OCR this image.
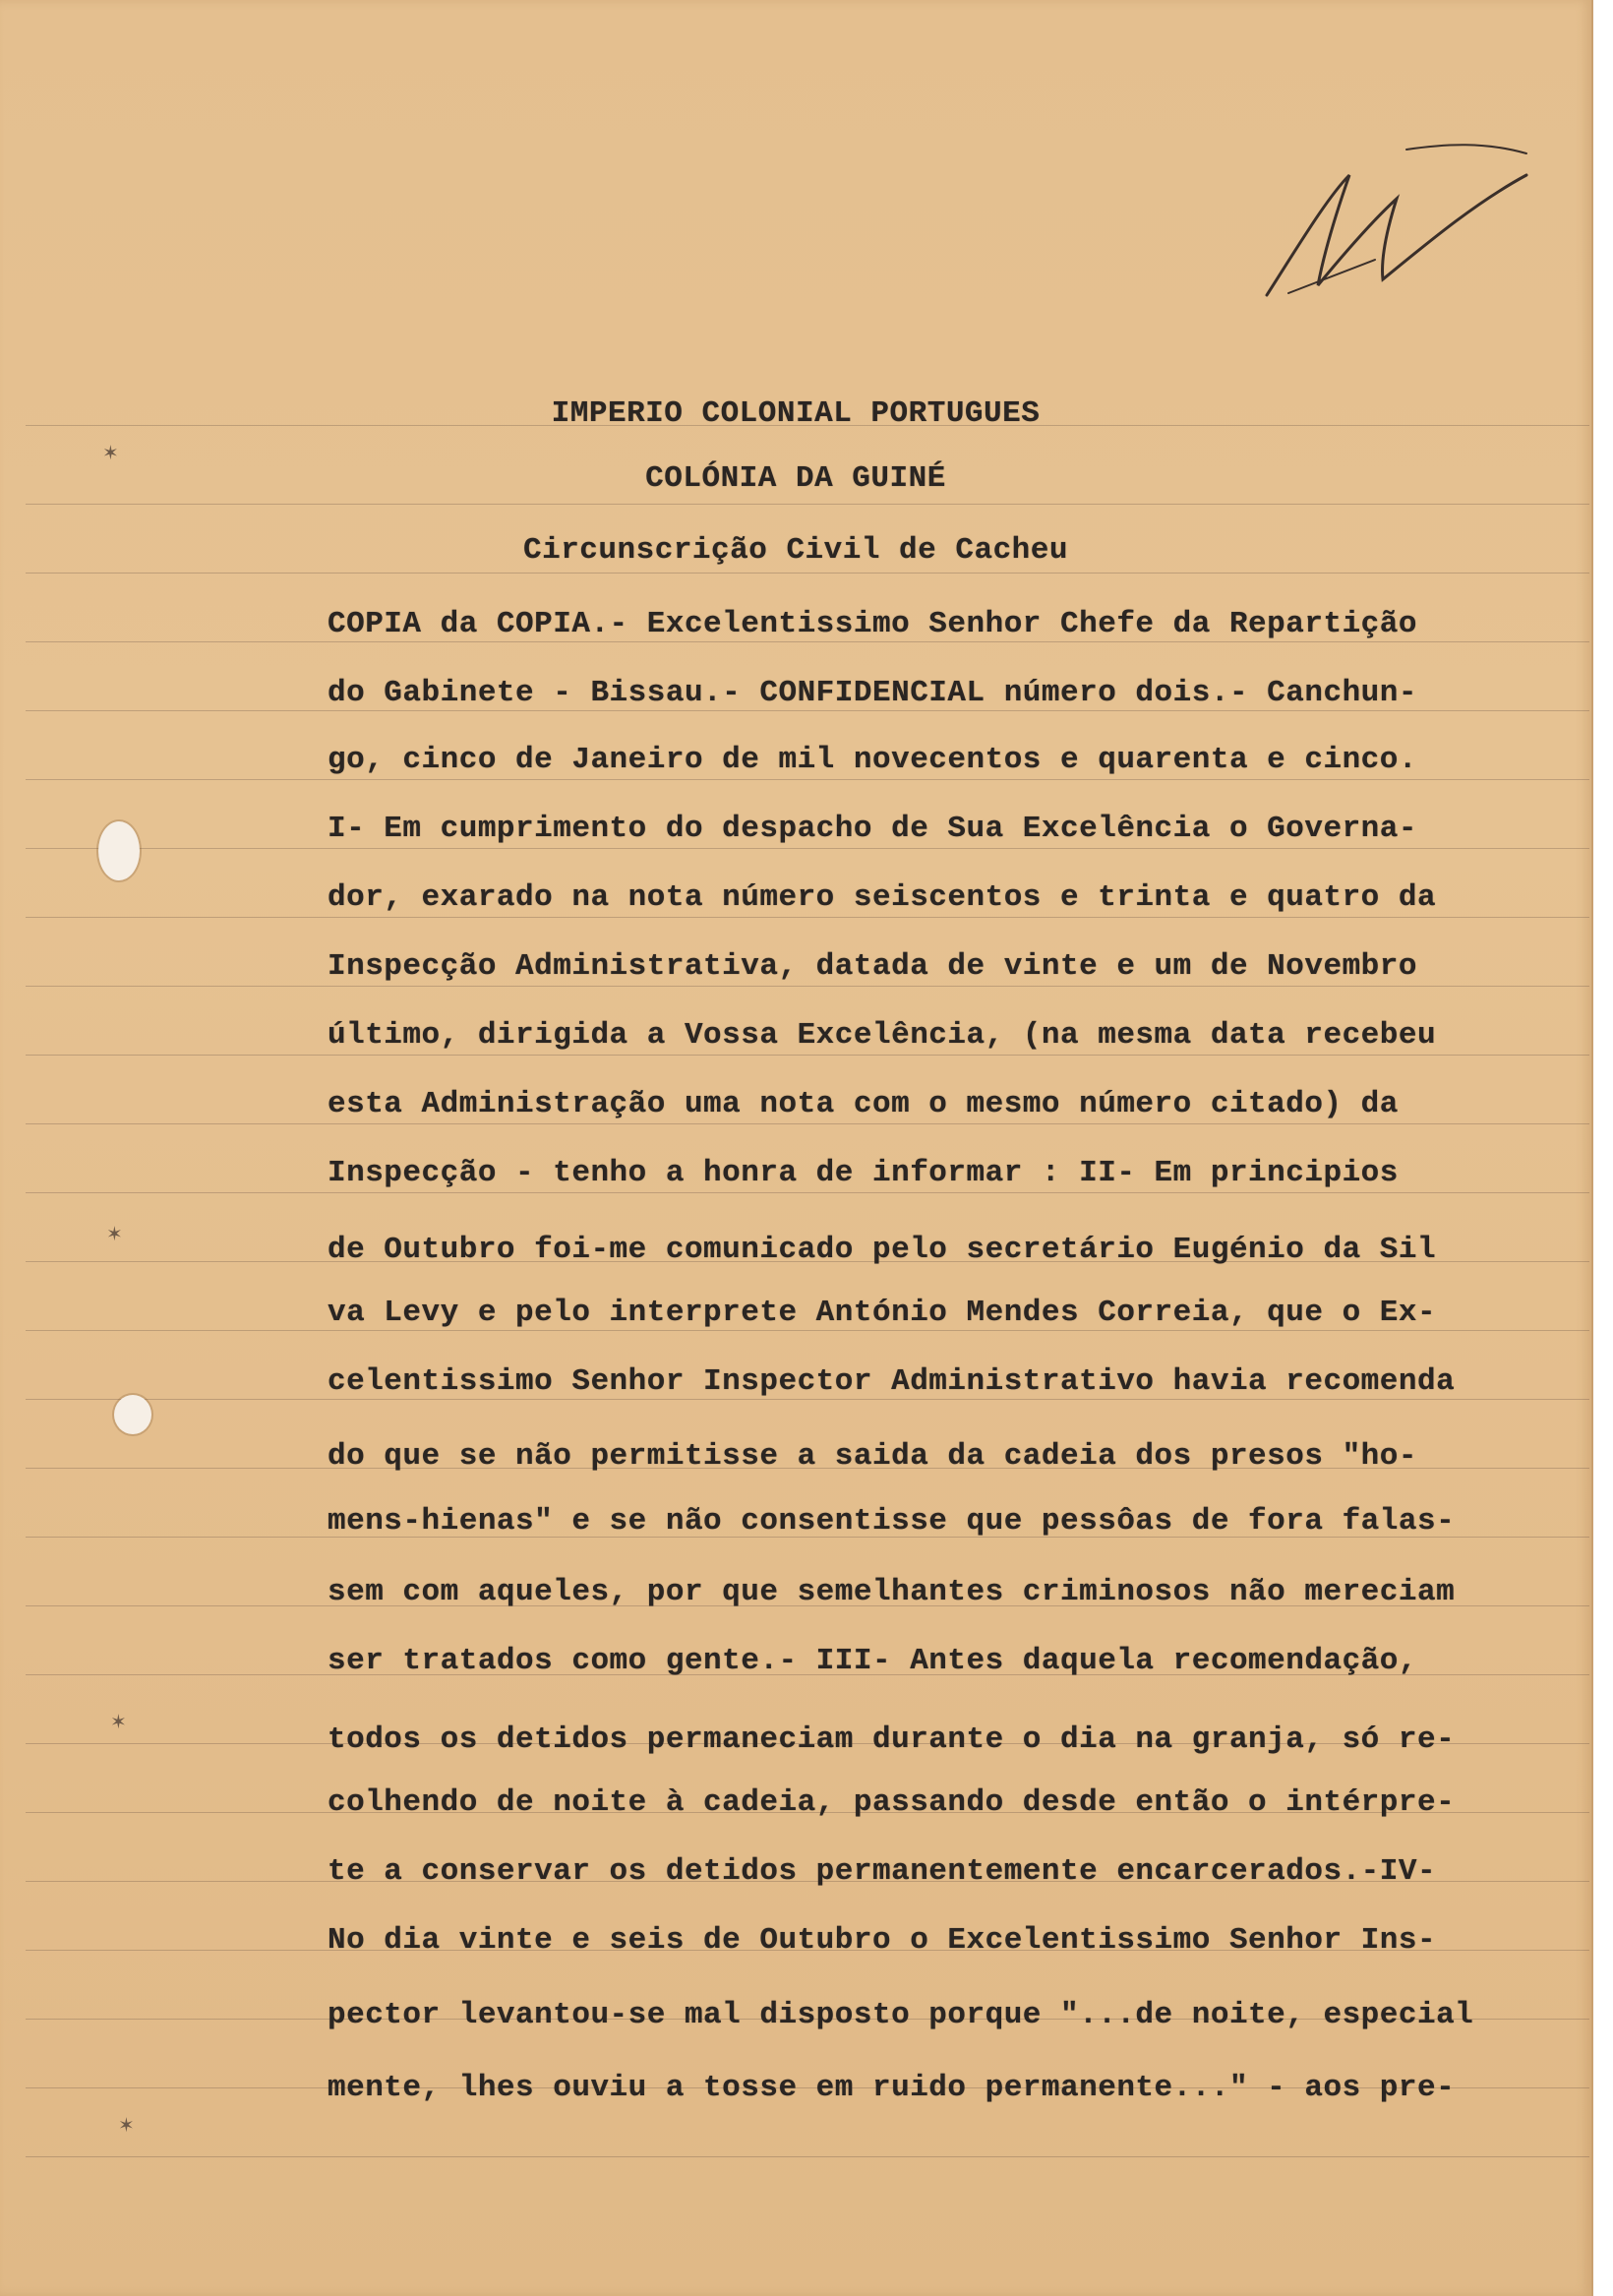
✶
✶
✶
✶
IMPERIO COLONIAL PORTUGUES
COLÓNIA DA GUINÉ
Circunscrição Civil de Cacheu
COPIA da COPIA.- Excelentissimo Senhor Chefe da Repartição
do Gabinete - Bissau.- CONFIDENCIAL número dois.- Canchun-
go, cinco de Janeiro de mil novecentos e quarenta e cinco.
I- Em cumprimento do despacho de Sua Excelência o Governa-
dor, exarado na nota número seiscentos e trinta e quatro da
Inspecção Administrativa, datada de vinte e um de Novembro
último, dirigida a Vossa Excelência, (na mesma data recebeu
esta Administração uma nota com o mesmo número citado) da
Inspecção - tenho a honra de informar : II- Em principios
de Outubro foi-me comunicado pelo secretário Eugénio da Sil
va Levy e pelo interprete António Mendes Correia, que o Ex-
celentissimo Senhor Inspector Administrativo havia recomenda
do que se não permitisse a saida da cadeia dos presos "ho-
mens-hienas" e se não consentisse que pessôas de fora falas-
sem com aqueles, por que semelhantes criminosos não mereciam
ser tratados como gente.- III- Antes daquela recomendação,
todos os detidos permaneciam durante o dia na granja, só re-
colhendo de noite à cadeia, passando desde então o intérpre-
te a conservar os detidos permanentemente encarcerados.-IV-
No dia vinte e seis de Outubro o Excelentissimo Senhor Ins-
pector levantou-se mal disposto porque "...de noite, especial
mente, lhes ouviu a tosse em ruido permanente..." - aos pre-
